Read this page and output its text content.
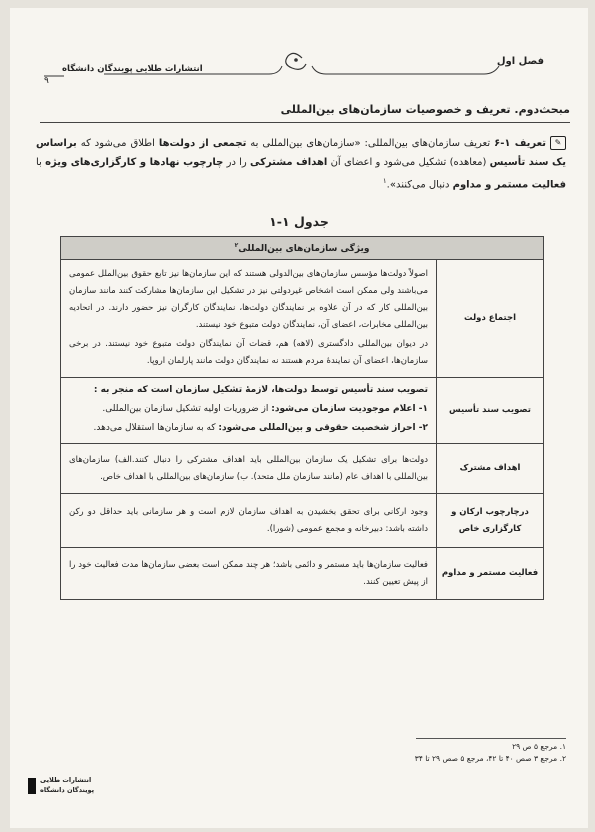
فصل اول
انتشارات طلایی پویندگان دانشگاه
۹
مبحث‌دوم. تعریف و خصوصیات سازمان‌های بین‌المللی
✎تعریف ۱-۶ تعریف سازمان‌های بین‌المللی: «سازمان‌های بین‌المللی به تجمعی از دولت‌ها اطلاق می‌شود که براساس یک سند تأسیس (معاهده) تشکیل می‌شود و اعضای آن اهداف مشترکی را در چارچوب نهادها و کارگزاری‌های ویژه با فعالیت مستمر و مداوم دنبال می‌کنند».$^۱$
جدول ۱-۱
ویژگی سازمان‌های بین‌المللی$^۲$
اجتماع دولت	اصولاً دولت‌ها مؤسس سازمان‌های بین‌الدولی هستند که این سازمان‌ها نیز تابع حقوق بین‌الملل عمومی می‌باشند ولی ممکن است اشخاص غیردولتی نیز در تشکیل این سازمان‌ها مشارکت کنند مانند سازمان بین‌المللی کار که در آن علاوه بر نمایندگان دولت‌ها، نمایندگان کارگران نیز حضور دارند. در اتحادیه بین‌المللی مخابرات، اعضای آن، نمایندگان دولت متبوع خود نیستند.

در دیوان بین‌المللی دادگستری (لاهه) هم، قضات آن نمایندگان دولت متبوع خود نیستند. در برخی سازمان‌ها، اعضای آن نمایندهٔ مردم هستند نه نمایندگان دولت مانند پارلمان اروپا.

تصویب سند تأسیس	تصویب سند تأسیس توسط دولت‌ها، لازمهٔ تشکیل سازمان است که منجر به :

۱- اعلام موجودیت سازمان می‌شود: از ضروریات اولیه تشکیل سازمان بین‌المللی.

۲- احراز شخصیت حقوقی و بین‌المللی می‌شود: که به سازمان‌ها استقلال می‌دهد.

اهداف مشترک	دولت‌ها برای تشکیل یک سازمان بین‌المللی باید اهداف مشترکی را دنبال کنند.الف) سازمان‌های بین‌المللی با اهداف عام (مانند سازمان ملل متحد). ب) سازمان‌های بین‌المللی با اهداف خاص.
درچارچوب ارکان و کارگزاری خاص	وجود ارکانی برای تحقق بخشیدن به اهداف سازمان لازم است و هر سازمانی باید حداقل دو رکن داشته باشد: دبیرخانه و مجمع عمومی (شورا).
فعالیت مستمر و مداوم	فعالیت سازمان‌ها باید مستمر و دائمی باشد؛ هر چند ممکن است بعضی سازمان‌ها مدت فعالیت خود را از پیش تعیین کنند.
۱. مرجع ۵ ص ۲۹
۲. مرجع ۳ صص ۴۰ تا ۴۲، مرجع ۵ صص ۲۹ تا ۳۴
انتشارات طلایی
پویندگان دانشگاه
